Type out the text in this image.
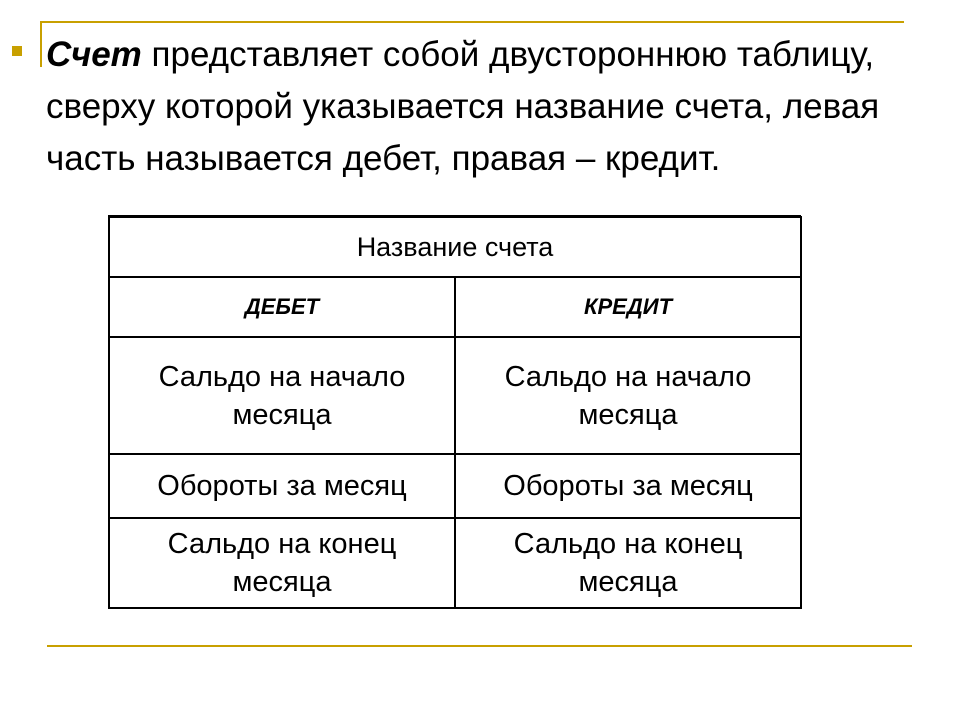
Счет представляет собой двустороннюю таблицу, сверху которой указывается название счета, левая часть называется дебет, правая – кредит.

Название счета	
ДЕБЕТ	КРЕДИТ
Сальдо на начало месяца	Сальдо на начало месяца
Обороты за месяц	Обороты за месяц
Сальдо на конец месяца	Сальдо на конец месяца
